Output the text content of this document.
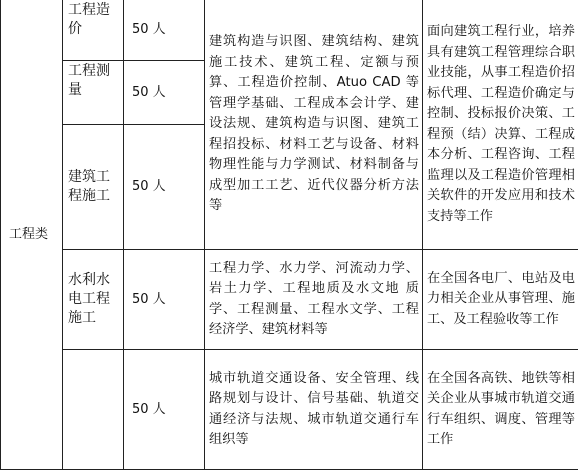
工程类	工程造价	50 人	建筑构造与识图、建筑结构、建筑施工技术、建筑工程、定额与预算、工程造价控制、Atuo CAD 等管理学基础、工程成本会计学、建设法规、建筑构造与识图、建筑工程招投标、材料工艺与设备、材料物理性能与力学测试、材料制备与成型加工工艺、近代仪器分析方法等	面向建筑工程行业，培养具有建筑工程管理综合职业技能，从事工程造价招标代理、工程造价确定与控制、投标报价决策、工程预（结）决算、工程成本分析、工程咨询、工程监理以及工程造价管理相关软件的开发应用和技术支持等工作
	工程测量	50 人		
	建筑工程施工	50 人		
	水利水电工程施工	50 人	工程力学、水力学、河流动力学、岩土力学、工程地质及水文地 质学、工程测量、工程水文学、工程经济学、建筑材料等	在全国各电厂、电站及电力相关企业从事管理、施工、及工程验收等工作
		50 人	城市轨道交通设备、安全管理、线路规划与设计、信号基础、轨道交通经济与法规、城市轨道交通行车组织等	在全国各高铁、地铁等相关企业从事城市轨道交通行车组织、调度、管理等工作
